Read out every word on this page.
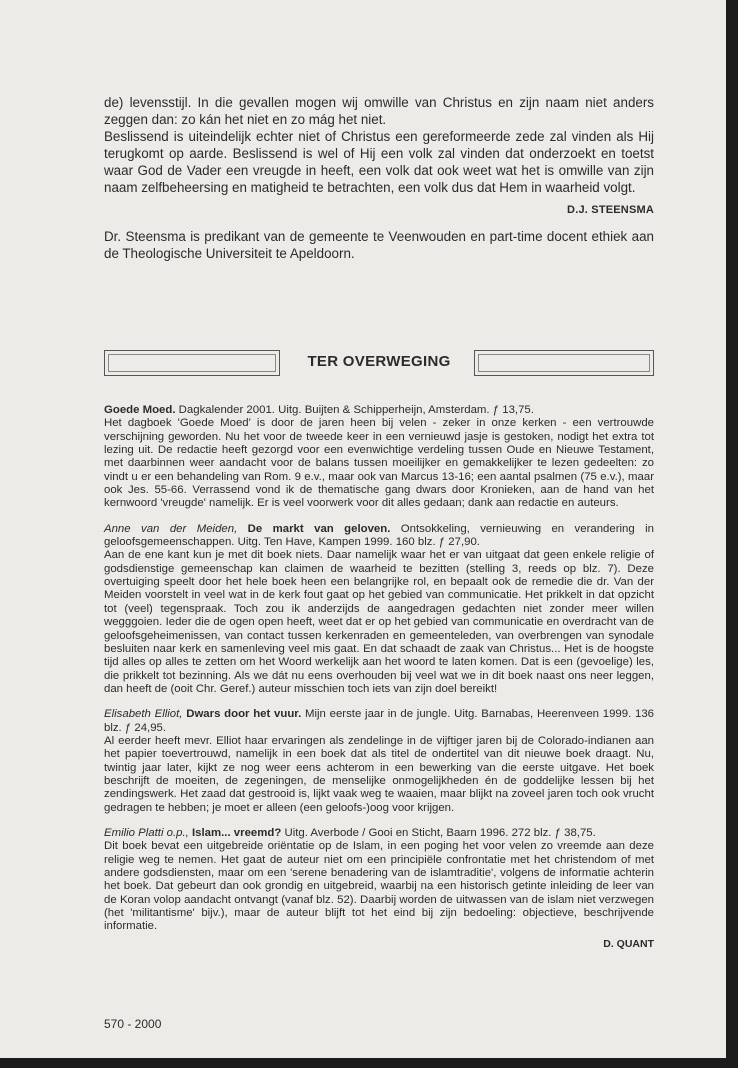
de) levensstijl. In die gevallen mogen wij omwille van Christus en zijn naam niet anders zeggen dan: zo kán het niet en zo mág het niet.

Beslissend is uiteindelijk echter niet of Christus een gereformeerde zede zal vinden als Hij terugkomt op aarde. Beslissend is wel of Hij een volk zal vinden dat onderzoekt en toetst waar God de Vader een vreugde in heeft, een volk dat ook weet wat het is omwille van zijn naam zelfbeheersing en matigheid te betrachten, een volk dus dat Hem in waarheid volgt.

D.J. STEENSMA

Dr. Steensma is predikant van de gemeente te Veenwouden en part-time docent ethiek aan de Theologische Universiteit te Apeldoorn.

TER OVERWEGING

Goede Moed. Dagkalender 2001. Uitg. Buijten & Schipperheijn, Amsterdam. ƒ 13,75.

Het dagboek 'Goede Moed' is door de jaren heen bij velen - zeker in onze kerken - een vertrouwde verschijning geworden. Nu het voor de tweede keer in een vernieuwd jasje is gestoken, nodigt het extra tot lezing uit. De redactie heeft gezorgd voor een evenwichtige verdeling tussen Oude en Nieuwe Testament, met daarbinnen weer aandacht voor de balans tussen moeilijker en gemakkelijker te lezen gedeelten: zo vindt u er een behandeling van Rom. 9 e.v., maar ook van Marcus 13-16; een aantal psalmen (75 e.v.), maar ook Jes. 55-66. Verrassend vond ik de thematische gang dwars door Kronieken, aan de hand van het kernwoord 'vreugde' namelijk. Er is veel voorwerk voor dit alles gedaan; dank aan redactie en auteurs.

Anne van der Meiden, De markt van geloven. Ontsokkeling, vernieuwing en verandering in geloofsgemeenschappen. Uitg. Ten Have, Kampen 1999. 160 blz. ƒ 27,90.

Aan de ene kant kun je met dit boek niets. Daar namelijk waar het er van uitgaat dat geen enkele religie of godsdienstige gemeenschap kan claimen de waarheid te bezitten (stelling 3, reeds op blz. 7). Deze overtuiging speelt door het hele boek heen een belangrijke rol, en bepaalt ook de remedie die dr. Van der Meiden voorstelt in veel wat in de kerk fout gaat op het gebied van communicatie. Het prikkelt in dat opzicht tot (veel) tegenspraak. Toch zou ik anderzijds de aangedragen gedachten niet zonder meer willen wegggoien. Ieder die de ogen open heeft, weet dat er op het gebied van communicatie en overdracht van de geloofsgeheimenissen, van contact tussen kerkenraden en gemeenteleden, van overbrengen van synodale besluiten naar kerk en samenleving veel mis gaat. En dat schaadt de zaak van Christus... Het is de hoogste tijd alles op alles te zetten om het Woord werkelijk aan het woord te laten komen. Dat is een (gevoelige) les, die prikkelt tot bezinning. Als we dát nu eens overhouden bij veel wat we in dit boek naast ons neer leggen, dan heeft de (ooit Chr. Geref.) auteur misschien toch iets van zijn doel bereikt!

Elisabeth Elliot, Dwars door het vuur. Mijn eerste jaar in de jungle. Uitg. Barnabas, Heerenveen 1999. 136 blz. ƒ 24,95.

Al eerder heeft mevr. Elliot haar ervaringen als zendelinge in de vijftiger jaren bij de Colorado-indianen aan het papier toevertrouwd, namelijk in een boek dat als titel de ondertitel van dit nieuwe boek draagt. Nu, twintig jaar later, kijkt ze nog weer eens achterom in een bewerking van die eerste uitgave. Het boek beschrijft de moeiten, de zegeningen, de menselijke onmogelijkheden én de goddelijke lessen bij het zendingswerk. Het zaad dat gestrooid is, lijkt vaak weg te waaien, maar blijkt na zoveel jaren toch ook vrucht gedragen te hebben; je moet er alleen (een geloofs-)oog voor krijgen.

Emilio Platti o.p., Islam... vreemd? Uitg. Averbode / Gooi en Sticht, Baarn 1996. 272 blz. ƒ 38,75.

Dit boek bevat een uitgebreide oriëntatie op de Islam, in een poging het voor velen zo vreemde aan deze religie weg te nemen. Het gaat de auteur niet om een principiële confrontatie met het christendom of met andere godsdiensten, maar om een 'serene benadering van de islamtraditie', volgens de informatie achterin het boek. Dat gebeurt dan ook grondig en uitgebreid, waarbij na een historisch getinte inleiding de leer van de Koran volop aandacht ontvangt (vanaf blz. 52). Daarbij worden de uitwassen van de islam niet verzwegen (het 'militantisme' bijv.), maar de auteur blijft tot het eind bij zijn bedoeling: objectieve, beschrijvende informatie.

D. QUANT
570 - 2000
